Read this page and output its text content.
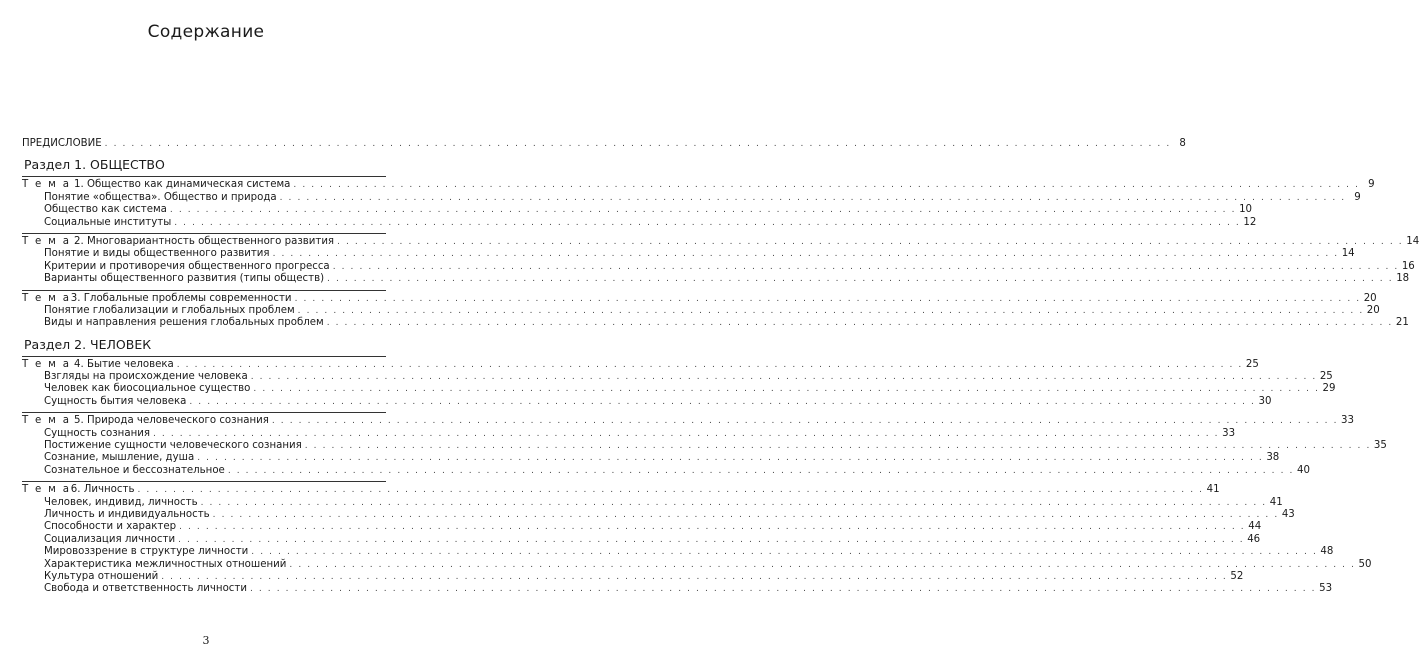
Содержание
ПРЕДИСЛОВИЕ . . . . . . . . . . . . . . . . . . . . . . . . . . . . . . . . . . . . . . . . . . . . . . . . . . . . . . . . . . . . . . . . . . . . . . . . . . . . . . . . . . . . . . . . . . . . . . . . . . . . . . . . . . . . . . . . . . . . . . . . 8
Раздел 1. ОБЩЕСТВО
Т е м а 1. Общество как динамическая система . . . . . . . . . . . . . . . . . . . . . . . . . . . . . . . . . . . . . . . . . . . . . . . . . . . . . . . . . . . . . . . . . . . . . . . . . . . . . . . . . . . . . . . . . . . . . . . . . . . . . . . . . . . . . . . . . . . . . . . . 9
Понятие «общества». Общество и природа . . . . . . . . . . . . . . . . . . . . . . . . . . . . . . . . . . . . . . . . . . . . . . . . . . . . . . . . . . . . . . . . . . . . . . . . . . . . . . . . . . . . . . . . . . . . . . . . . . . . . . . . . . . . . . . . . . . . . . . . 9
Общество как система . . . . . . . . . . . . . . . . . . . . . . . . . . . . . . . . . . . . . . . . . . . . . . . . . . . . . . . . . . . . . . . . . . . . . . . . . . . . . . . . . . . . . . . . . . . . . . . . . . . . . . . . . . . . . . . . . . . . . . . . 10
Социальные институты . . . . . . . . . . . . . . . . . . . . . . . . . . . . . . . . . . . . . . . . . . . . . . . . . . . . . . . . . . . . . . . . . . . . . . . . . . . . . . . . . . . . . . . . . . . . . . . . . . . . . . . . . . . . . . . . . . . . . . . . 12
Т е м а 2. Многовариантность общественного развития . . . . . . . . . . . . . . . . . . . . . . . . . . . . . . . . . . . . . . . . . . . . . . . . . . . . . . . . . . . . . . . . . . . . . . . . . . . . . . . . . . . . . . . . . . . . . . . . . . . . . . . . . . . . . . . . . . . . . . . . 14
Понятие и виды общественного развития . . . . . . . . . . . . . . . . . . . . . . . . . . . . . . . . . . . . . . . . . . . . . . . . . . . . . . . . . . . . . . . . . . . . . . . . . . . . . . . . . . . . . . . . . . . . . . . . . . . . . . . . . . . . . . . . . . . . . . . . 14
Критерии и противоречия общественного прогресса . . . . . . . . . . . . . . . . . . . . . . . . . . . . . . . . . . . . . . . . . . . . . . . . . . . . . . . . . . . . . . . . . . . . . . . . . . . . . . . . . . . . . . . . . . . . . . . . . . . . . . . . . . . . . . . . . . . . . . . . 16
Варианты общественного развития (типы обществ) . . . . . . . . . . . . . . . . . . . . . . . . . . . . . . . . . . . . . . . . . . . . . . . . . . . . . . . . . . . . . . . . . . . . . . . . . . . . . . . . . . . . . . . . . . . . . . . . . . . . . . . . . . . . . . . . . . . . . . . . 18
Т е м а3. Глобальные проблемы современности . . . . . . . . . . . . . . . . . . . . . . . . . . . . . . . . . . . . . . . . . . . . . . . . . . . . . . . . . . . . . . . . . . . . . . . . . . . . . . . . . . . . . . . . . . . . . . . . . . . . . . . . . . . . . . . . . . . . . . . . 20
Понятие глобализации и глобальных проблем . . . . . . . . . . . . . . . . . . . . . . . . . . . . . . . . . . . . . . . . . . . . . . . . . . . . . . . . . . . . . . . . . . . . . . . . . . . . . . . . . . . . . . . . . . . . . . . . . . . . . . . . . . . . . . . . . . . . . . . . 20
Виды и направления решения глобальных проблем . . . . . . . . . . . . . . . . . . . . . . . . . . . . . . . . . . . . . . . . . . . . . . . . . . . . . . . . . . . . . . . . . . . . . . . . . . . . . . . . . . . . . . . . . . . . . . . . . . . . . . . . . . . . . . . . . . . . . . . . 21
Раздел 2. ЧЕЛОВЕК
Т е м а 4. Бытие человека . . . . . . . . . . . . . . . . . . . . . . . . . . . . . . . . . . . . . . . . . . . . . . . . . . . . . . . . . . . . . . . . . . . . . . . . . . . . . . . . . . . . . . . . . . . . . . . . . . . . . . . . . . . . . . . . . . . . . . . . 25
Взгляды на происхождение человека . . . . . . . . . . . . . . . . . . . . . . . . . . . . . . . . . . . . . . . . . . . . . . . . . . . . . . . . . . . . . . . . . . . . . . . . . . . . . . . . . . . . . . . . . . . . . . . . . . . . . . . . . . . . . . . . . . . . . . . . 25
Человек как биосоциальное существо . . . . . . . . . . . . . . . . . . . . . . . . . . . . . . . . . . . . . . . . . . . . . . . . . . . . . . . . . . . . . . . . . . . . . . . . . . . . . . . . . . . . . . . . . . . . . . . . . . . . . . . . . . . . . . . . . . . . . . . . 29
Сущность бытия человека . . . . . . . . . . . . . . . . . . . . . . . . . . . . . . . . . . . . . . . . . . . . . . . . . . . . . . . . . . . . . . . . . . . . . . . . . . . . . . . . . . . . . . . . . . . . . . . . . . . . . . . . . . . . . . . . . . . . . . . . 30
Т е м а 5. Природа человеческого сознания . . . . . . . . . . . . . . . . . . . . . . . . . . . . . . . . . . . . . . . . . . . . . . . . . . . . . . . . . . . . . . . . . . . . . . . . . . . . . . . . . . . . . . . . . . . . . . . . . . . . . . . . . . . . . . . . . . . . . . . . 33
Сущность сознания . . . . . . . . . . . . . . . . . . . . . . . . . . . . . . . . . . . . . . . . . . . . . . . . . . . . . . . . . . . . . . . . . . . . . . . . . . . . . . . . . . . . . . . . . . . . . . . . . . . . . . . . . . . . . . . . . . . . . . . . 33
Постижение сущности человеческого сознания . . . . . . . . . . . . . . . . . . . . . . . . . . . . . . . . . . . . . . . . . . . . . . . . . . . . . . . . . . . . . . . . . . . . . . . . . . . . . . . . . . . . . . . . . . . . . . . . . . . . . . . . . . . . . . . . . . . . . . . . 35
Сознание, мышление, душа . . . . . . . . . . . . . . . . . . . . . . . . . . . . . . . . . . . . . . . . . . . . . . . . . . . . . . . . . . . . . . . . . . . . . . . . . . . . . . . . . . . . . . . . . . . . . . . . . . . . . . . . . . . . . . . . . . . . . . . . 38
Сознательное и бессознательное . . . . . . . . . . . . . . . . . . . . . . . . . . . . . . . . . . . . . . . . . . . . . . . . . . . . . . . . . . . . . . . . . . . . . . . . . . . . . . . . . . . . . . . . . . . . . . . . . . . . . . . . . . . . . . . . . . . . . . . . 40
Т е м а6. Личность . . . . . . . . . . . . . . . . . . . . . . . . . . . . . . . . . . . . . . . . . . . . . . . . . . . . . . . . . . . . . . . . . . . . . . . . . . . . . . . . . . . . . . . . . . . . . . . . . . . . . . . . . . . . . . . . . . . . . . . . 41
Человек, индивид, личность . . . . . . . . . . . . . . . . . . . . . . . . . . . . . . . . . . . . . . . . . . . . . . . . . . . . . . . . . . . . . . . . . . . . . . . . . . . . . . . . . . . . . . . . . . . . . . . . . . . . . . . . . . . . . . . . . . . . . . . . 41
Личность и индивидуальность . . . . . . . . . . . . . . . . . . . . . . . . . . . . . . . . . . . . . . . . . . . . . . . . . . . . . . . . . . . . . . . . . . . . . . . . . . . . . . . . . . . . . . . . . . . . . . . . . . . . . . . . . . . . . . . . . . . . . . . . 43
Способности и характер . . . . . . . . . . . . . . . . . . . . . . . . . . . . . . . . . . . . . . . . . . . . . . . . . . . . . . . . . . . . . . . . . . . . . . . . . . . . . . . . . . . . . . . . . . . . . . . . . . . . . . . . . . . . . . . . . . . . . . . . 44
Социализация личности . . . . . . . . . . . . . . . . . . . . . . . . . . . . . . . . . . . . . . . . . . . . . . . . . . . . . . . . . . . . . . . . . . . . . . . . . . . . . . . . . . . . . . . . . . . . . . . . . . . . . . . . . . . . . . . . . . . . . . . . 46
Мировоззрение в структуре личности . . . . . . . . . . . . . . . . . . . . . . . . . . . . . . . . . . . . . . . . . . . . . . . . . . . . . . . . . . . . . . . . . . . . . . . . . . . . . . . . . . . . . . . . . . . . . . . . . . . . . . . . . . . . . . . . . . . . . . . . 48
Характеристика межличностных отношений . . . . . . . . . . . . . . . . . . . . . . . . . . . . . . . . . . . . . . . . . . . . . . . . . . . . . . . . . . . . . . . . . . . . . . . . . . . . . . . . . . . . . . . . . . . . . . . . . . . . . . . . . . . . . . . . . . . . . . . . 50
Культура отношений . . . . . . . . . . . . . . . . . . . . . . . . . . . . . . . . . . . . . . . . . . . . . . . . . . . . . . . . . . . . . . . . . . . . . . . . . . . . . . . . . . . . . . . . . . . . . . . . . . . . . . . . . . . . . . . . . . . . . . . . 52
Свобода и ответственность личности . . . . . . . . . . . . . . . . . . . . . . . . . . . . . . . . . . . . . . . . . . . . . . . . . . . . . . . . . . . . . . . . . . . . . . . . . . . . . . . . . . . . . . . . . . . . . . . . . . . . . . . . . . . . . . . . . . . . . . . . 53
3
